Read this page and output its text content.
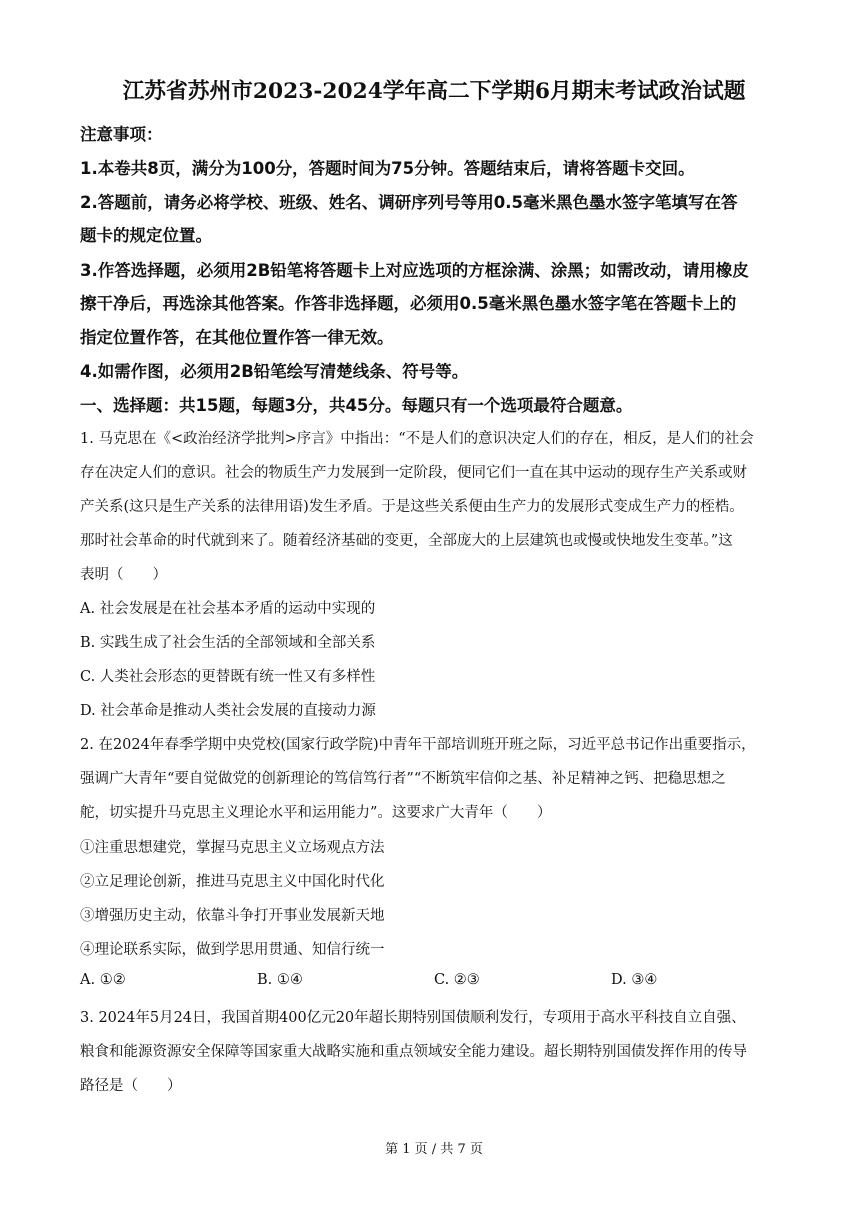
江苏省苏州市2023-2024学年高二下学期6月期末考试政治试题
注意事项：
1.本卷共8页，满分为100分，答题时间为75分钟。答题结束后，请将答题卡交回。
2.答题前，请务必将学校、班级、姓名、调研序列号等用0.5毫米黑色墨水签字笔填写在答
题卡的规定位置。
3.作答选择题，必须用2B铅笔将答题卡上对应选项的方框涂满、涂黑；如需改动，请用橡皮
擦干净后，再选涂其他答案。作答非选择题，必须用0.5毫米黑色墨水签字笔在答题卡上的
指定位置作答，在其他位置作答一律无效。
4.如需作图，必须用2B铅笔绘写清楚线条、符号等。
一、选择题：共15题，每题3分，共45分。每题只有一个选项最符合题意。
1. 马克思在《<政治经济学批判>序言》中指出：“不是人们的意识决定人们的存在，相反，是人们的社会
存在决定人们的意识。社会的物质生产力发展到一定阶段，便同它们一直在其中运动的现存生产关系或财
产关系(这只是生产关系的法律用语)发生矛盾。于是这些关系便由生产力的发展形式变成生产力的桎梏。
那时社会革命的时代就到来了。随着经济基础的变更，全部庞大的上层建筑也或慢或快地发生变革。”这
表明（　　）
A. 社会发展是在社会基本矛盾的运动中实现的
B. 实践生成了社会生活的全部领域和全部关系
C. 人类社会形态的更替既有统一性又有多样性
D. 社会革命是推动人类社会发展的直接动力源
2. 在2024年春季学期中央党校(国家行政学院)中青年干部培训班开班之际，习近平总书记作出重要指示，
强调广大青年“要自觉做党的创新理论的笃信笃行者”“不断筑牢信仰之基、补足精神之钙、把稳思想之
舵，切实提升马克思主义理论水平和运用能力”。这要求广大青年（　　）
①注重思想建党，掌握马克思主义立场观点方法
②立足理论创新，推进马克思主义中国化时代化
③增强历史主动，依靠斗争打开事业发展新天地
④理论联系实际，做到学思用贯通、知信行统一
A. ①②	B. ①④	C. ②③	D. ③④
3. 2024年5月24日，我国首期400亿元20年超长期特别国债顺利发行，专项用于高水平科技自立自强、
粮食和能源资源安全保障等国家重大战略实施和重点领域安全能力建设。超长期特别国债发挥作用的传导
路径是（　　）
第 1 页 / 共 7 页
